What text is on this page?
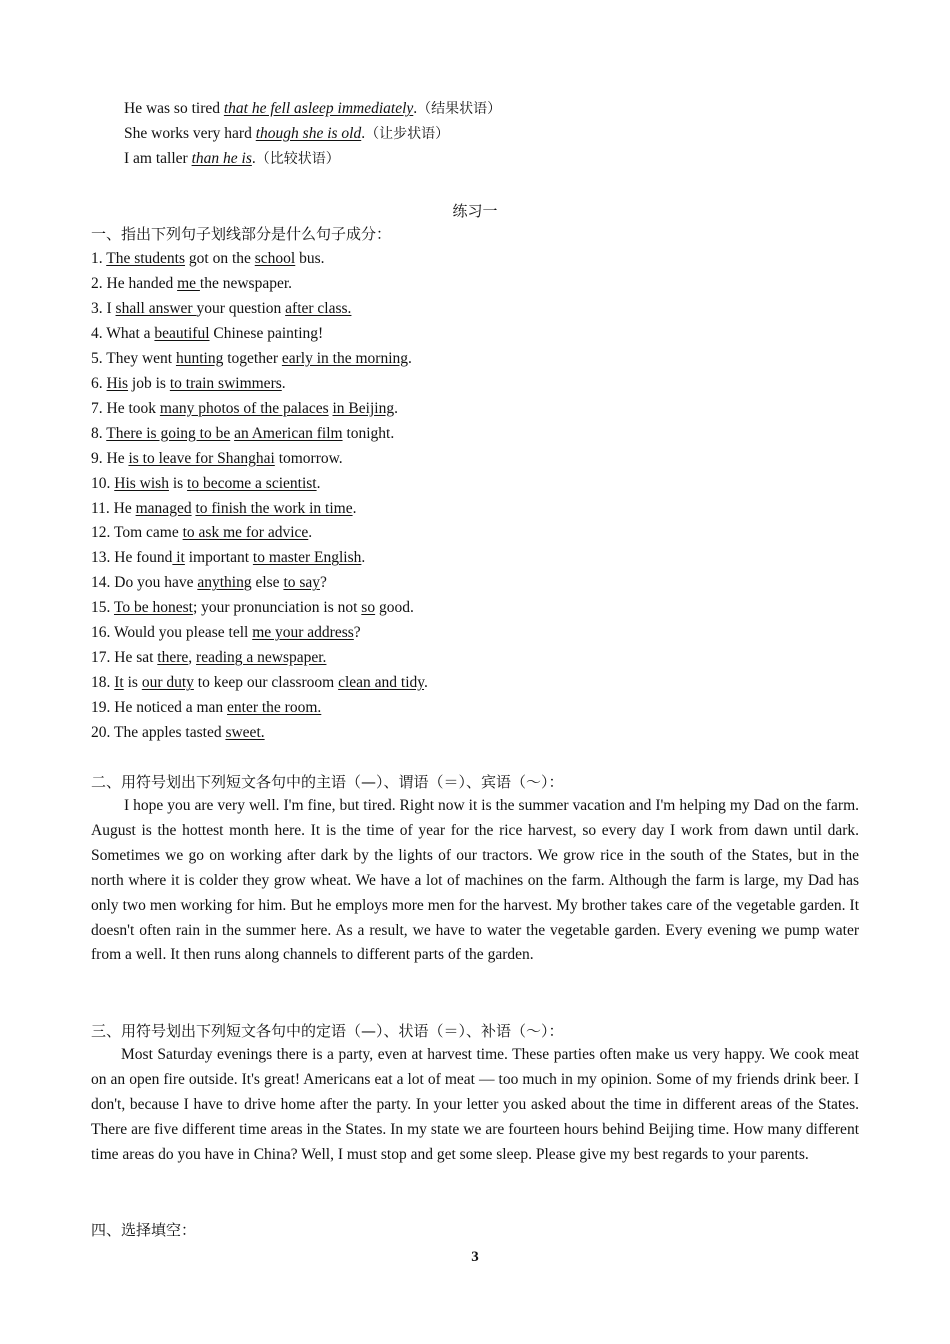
He was so tired that he fell asleep immediately.（结果状语）
She works very hard though she is old.（让步状语）
I am taller than he is.（比较状语）
练习一
一、指出下列句子划线部分是什么句子成分：
1. The students got on the school bus.
2. He handed me the newspaper.
3. I shall answer your question after class.
4. What a beautiful Chinese painting!
5. They went hunting together early in the morning.
6. His job is to train swimmers.
7. He took many photos of the palaces in Beijing.
8. There is going to be an American film tonight.
9. He is to leave for Shanghai tomorrow.
10. His wish is to become a scientist.
11. He managed to finish the work in time.
12. Tom came to ask me for advice.
13. He found it important to master English.
14. Do you have anything else to say?
15. To be honest; your pronunciation is not so good.
16. Would you please tell me your address?
17. He sat there, reading a newspaper.
18. It is our duty to keep our classroom clean and tidy.
19. He noticed a man enter the room.
20. The apples tasted sweet.
二、用符号划出下列短文各句中的主语（—）、谓语（＝）、宾语（～）：
I hope you are very well. I'm fine, but tired. Right now it is the summer vacation and I'm helping my Dad on the farm. August is the hottest month here. It is the time of year for the rice harvest, so every day I work from dawn until dark. Sometimes we go on working after dark by the lights of our tractors. We grow rice in the south of the States, but in the north where it is colder they grow wheat. We have a lot of machines on the farm. Although the farm is large, my Dad has only two men working for him. But he employs more men for the harvest. My brother takes care of the vegetable garden. It doesn't often rain in the summer here. As a result, we have to water the vegetable garden. Every evening we pump water from a well. It then runs along channels to different parts of the garden.
三、用符号划出下列短文各句中的定语（—）、状语（＝）、补语（～）：
Most Saturday evenings there is a party, even at harvest time. These parties often make us very happy. We cook meat on an open fire outside. It's great! Americans eat a lot of meat — too much in my opinion. Some of my friends drink beer. I don't, because I have to drive home after the party. In your letter you asked about the time in different areas of the States. There are five different time areas in the States. In my state we are fourteen hours behind Beijing time. How many different time areas do you have in China? Well, I must stop and get some sleep. Please give my best regards to your parents.
四、选择填空：
3
